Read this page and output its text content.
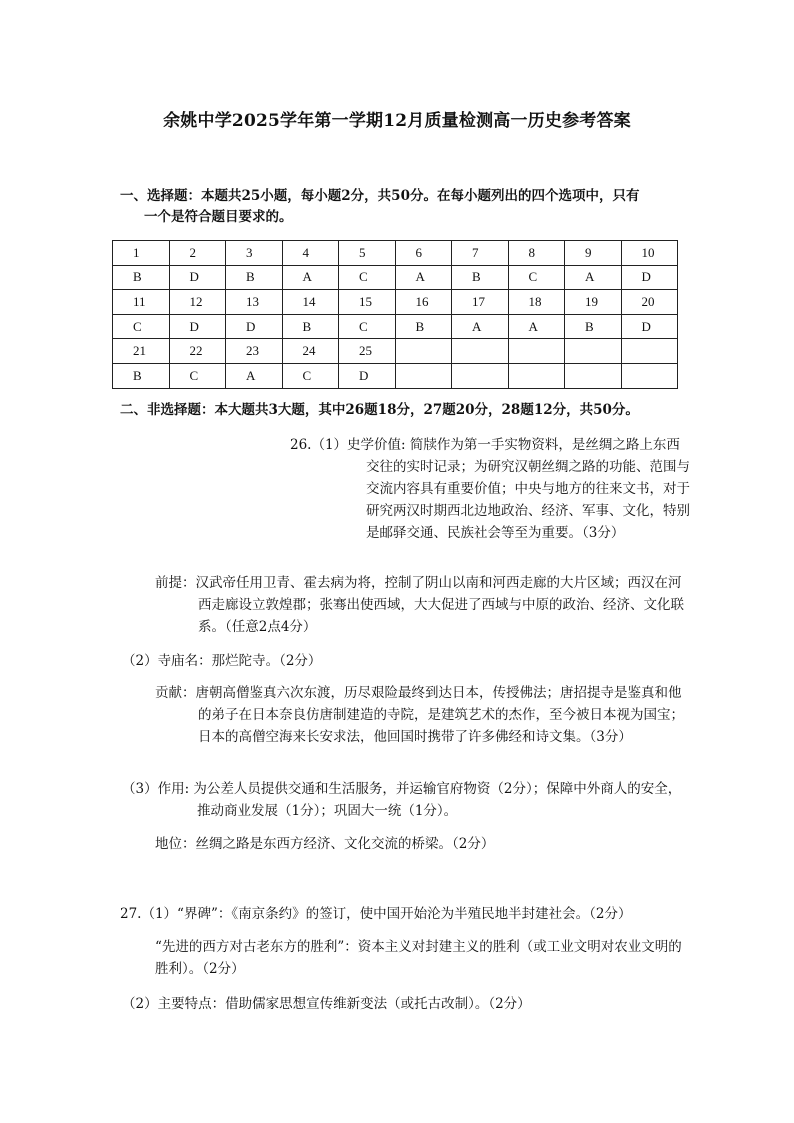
余姚中学2025学年第一学期12月质量检测高一历史参考答案
一、选择题：本题共25小题，每小题2分，共50分。在每小题列出的四个选项中，只有
一个是符合题目要求的。
1	2	3	4	5	6	7	8	9	10
B	D	B	A	C	A	B	C	A	D
11	12	13	14	15	16	17	18	19	20
C	D	D	B	C	B	A	A	B	D
21	22	23	24	25					
B	C	A	C	D					
二、非选择题：本大题共3大题，其中26题18分，27题20分，28题12分，共50分。
26.（1）史学价值: 简牍作为第一手实物资料，是丝绸之路上东西交往的实时记录；为研究汉朝丝绸之路的功能、范围与交流内容具有重要价值；中央与地方的往来文书，对于研究两汉时期西北边地政治、经济、军事、文化，特别是邮驿交通、民族社会等至为重要。（3分）
前提：汉武帝任用卫青、霍去病为将，控制了阴山以南和河西走廊的大片区域；西汉在河西走廊设立敦煌郡；张骞出使西域，大大促进了西域与中原的政治、经济、文化联系。（任意2点4分）
（2）寺庙名：那烂陀寺。（2分）
贡献：唐朝高僧鉴真六次东渡，历尽艰险最终到达日本，传授佛法；唐招提寺是鉴真和他的弟子在日本奈良仿唐制建造的寺院，是建筑艺术的杰作，至今被日本视为国宝；日本的高僧空海来长安求法，他回国时携带了许多佛经和诗文集。（3分）
（3）作用: 为公差人员提供交通和生活服务，并运输官府物资（2分）；保障中外商人的安全，推动商业发展（1分）；巩固大一统（1分）。
地位：丝绸之路是东西方经济、文化交流的桥梁。（2分）
27.（1）“界碑”：《南京条约》的签订，使中国开始沦为半殖民地半封建社会。（2分）
“先进的西方对古老东方的胜利”：资本主义对封建主义的胜利（或工业文明对农业文明的胜利）。（2分）
（2）主要特点：借助儒家思想宣传维新变法（或托古改制）。（2分）
